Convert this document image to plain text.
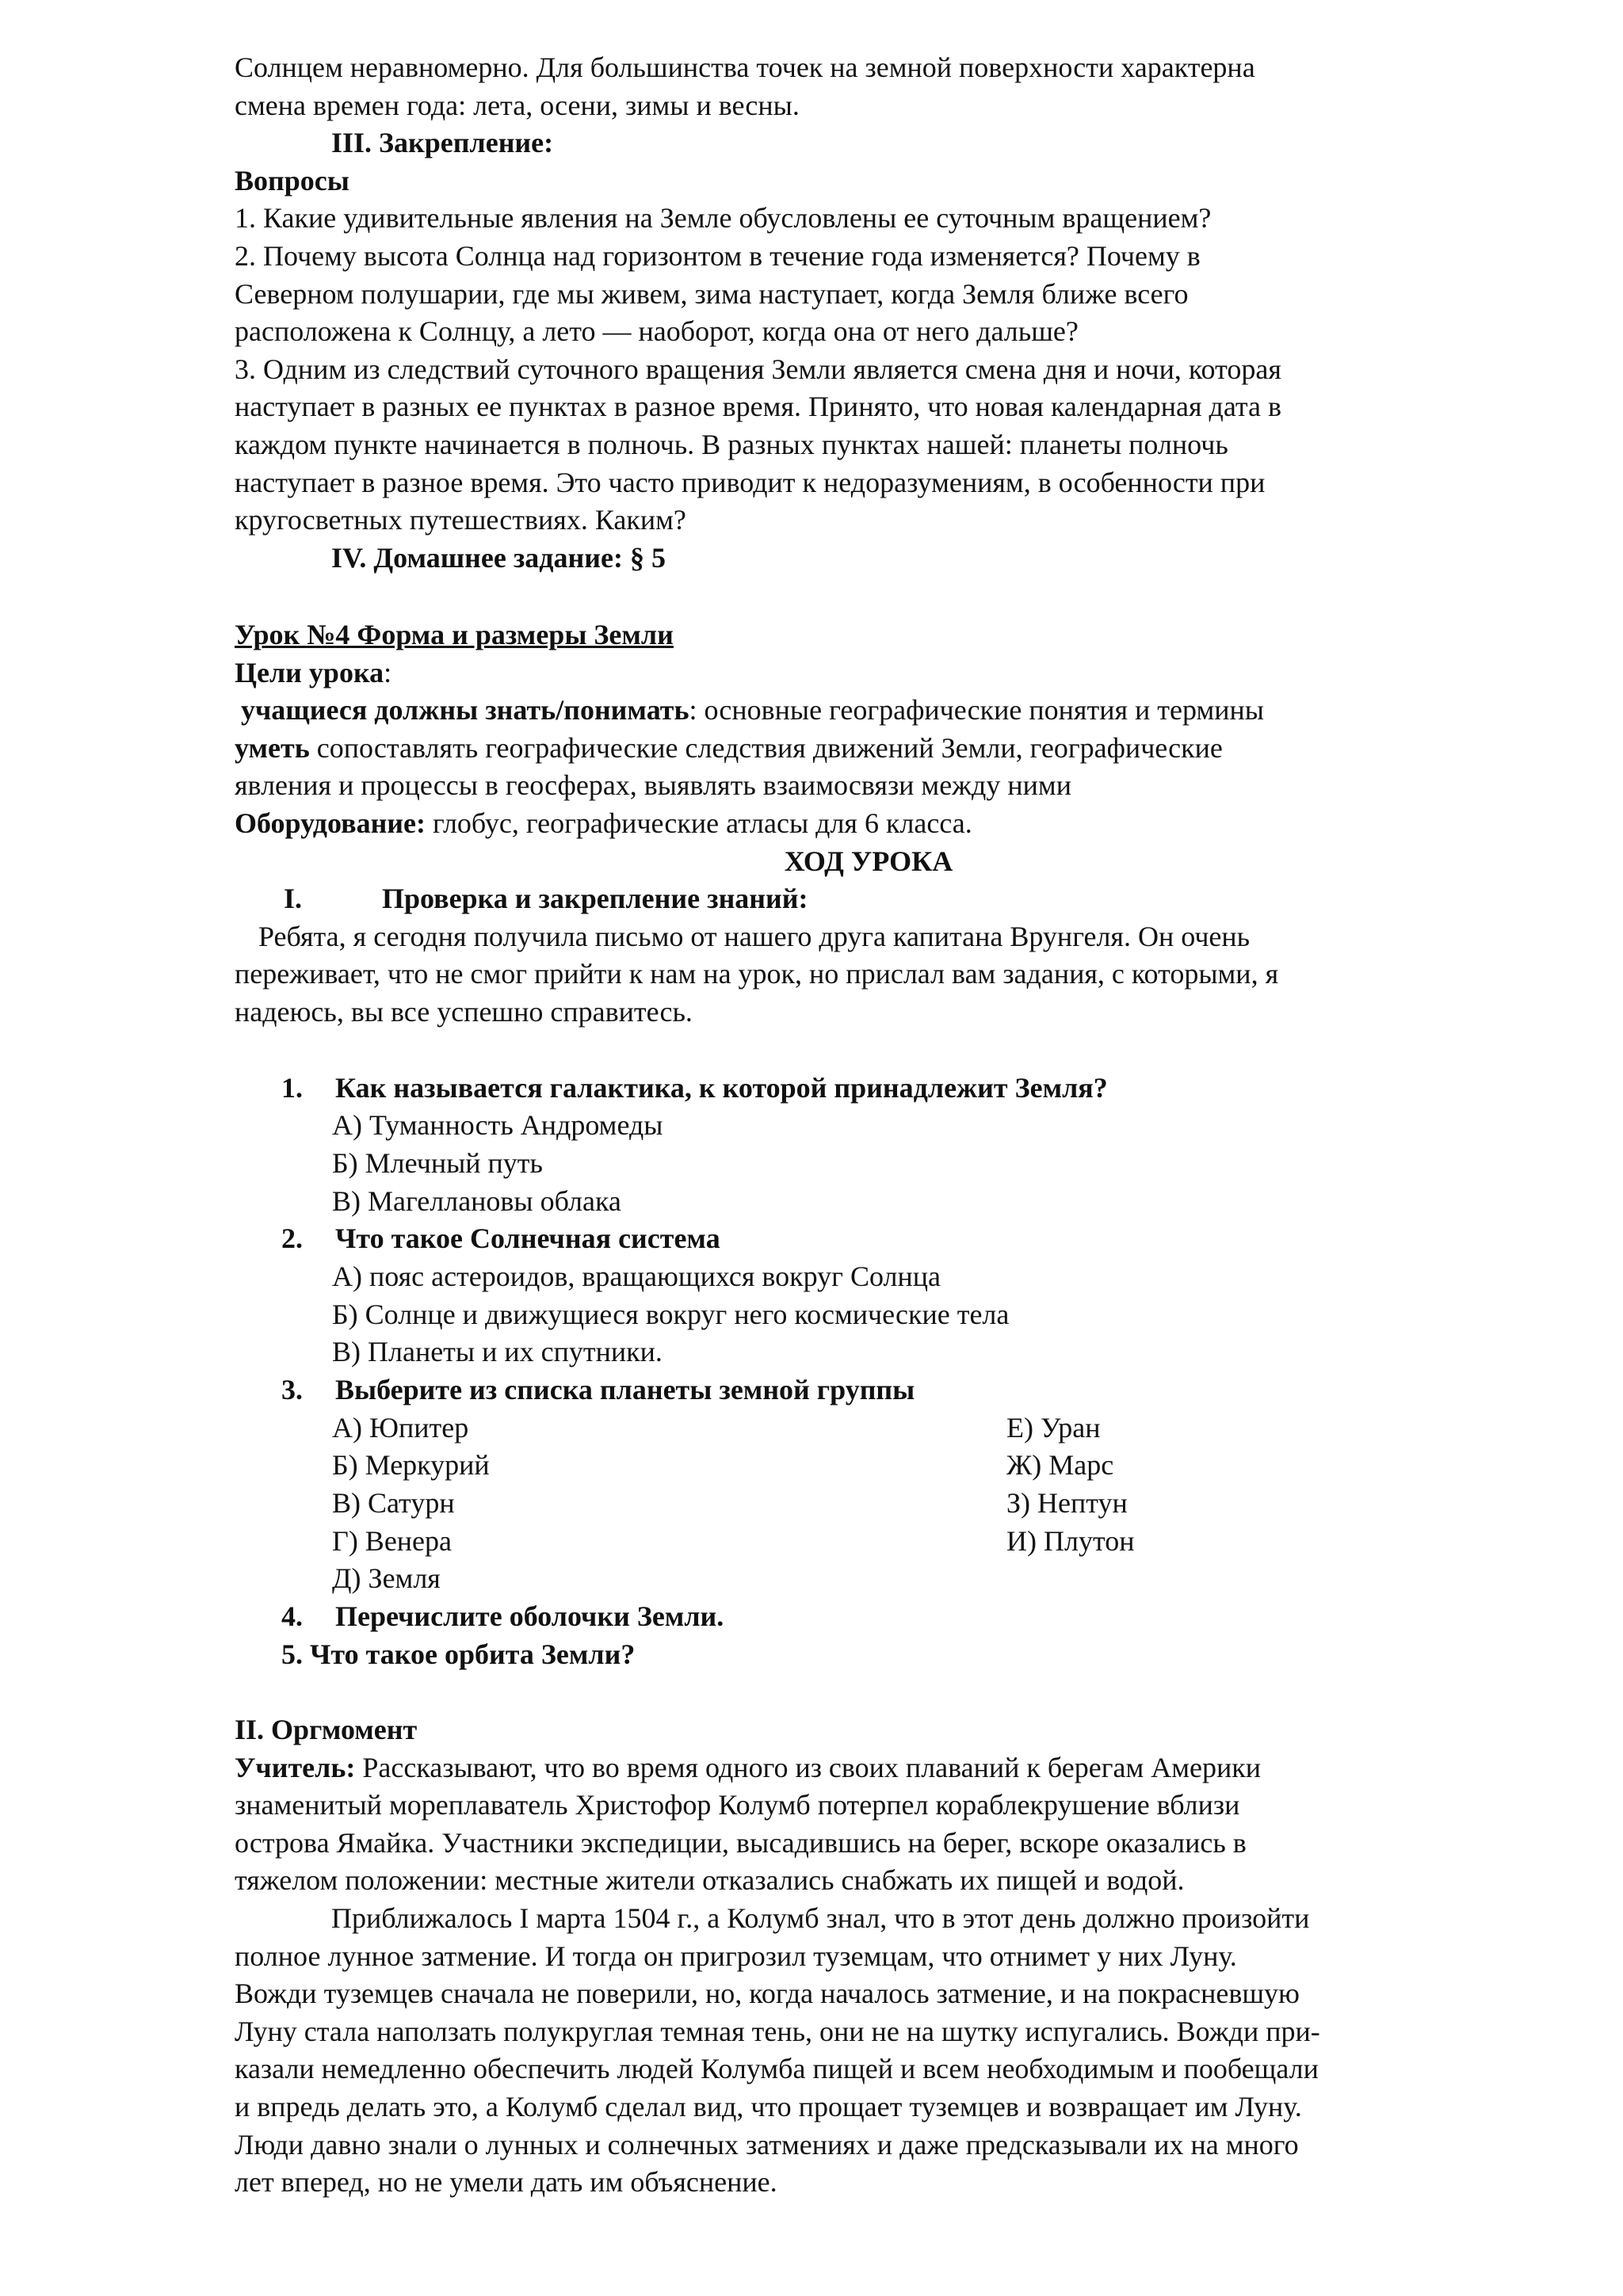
Солнцем неравномерно. Для большинства точек на земной поверхности характерна
смена времен года: лета, осени, зимы и весны.
III. Закрепление:
Вопросы
1. Какие удивительные явления на Земле обусловлены ее суточным вращением?
2. Почему высота Солнца над горизонтом в течение года изменяется? Почему в
Северном полушарии, где мы живем, зима наступает, когда Земля ближе всего
расположена к Солнцу, а лето — наоборот, когда она от него дальше?
3. Одним из следствий суточного вращения Земли является смена дня и ночи, которая
наступает в разных ее пунктах в разное время. Принято, что новая календарная дата в
каждом пункте начинается в полночь. В разных пунктах нашей: планеты полночь
наступает в разное время. Это часто приводит к недоразумениям, в особенности при
кругосветных путешествиях. Каким?
IV. Домашнее задание: § 5
Урок №4 Форма и размеры Земли
Цели урока:
учащиеся должны знать/понимать: основные географические понятия и термины
уметь сопоставлять географические следствия движений Земли, географические
явления и процессы в геосферах, выявлять взаимосвязи между ними
Оборудование: глобус, географические атласы для 6 класса.
ХОД УРОКА
I.	Проверка и закрепление знаний:
Ребята, я сегодня получила письмо от нашего друга капитана Врунгеля. Он очень
переживает, что не смог прийти к нам на урок, но прислал вам задания, с которыми, я
надеюсь, вы все успешно справитесь.
1. Как называется галактика, к которой принадлежит Земля?
А) Туманность Андромеды
Б) Млечный путь
В) Магеллановы облака
2. Что такое Солнечная система
А) пояс астероидов, вращающихся вокруг Солнца
Б) Солнце и движущиеся вокруг него космические тела
В) Планеты и их спутники.
3. Выберите из списка планеты земной группы
А) Юпитер
Б) Меркурий
В) Сатурн
Г) Венера
Д) Земля
Е) Уран
Ж) Марс
З) Нептун
И) Плутон
4. Перечислите оболочки Земли.
5. Что такое орбита Земли?
II. Оргмомент
Учитель: Рассказывают, что во время одного из своих плаваний к берегам Америки
знаменитый мореплаватель Христофор Колумб потерпел кораблекрушение вблизи
острова Ямайка. Участники экспедиции, высадившись на берег, вскоре оказались в
тяжелом положении: местные жители отказались снабжать их пищей и водой.
Приближалось I марта 1504 г., а Колумб знал, что в этот день должно произойти
полное лунное затмение. И тогда он пригрозил туземцам, что отнимет у них Луну.
Вожди туземцев сначала не поверили, но, когда началось затмение, и на покрасневшую
Луну стала наползать полукруглая темная тень, они не на шутку испугались. Вожди при-
казали немедленно обеспечить людей Колумба пищей и всем необходимым и пообещали
и впредь делать это, а Колумб сделал вид, что прощает туземцев и возвращает им Луну.
Люди давно знали о лунных и солнечных затмениях и даже предсказывали их на много
лет вперед, но не умели дать им объяснение.
